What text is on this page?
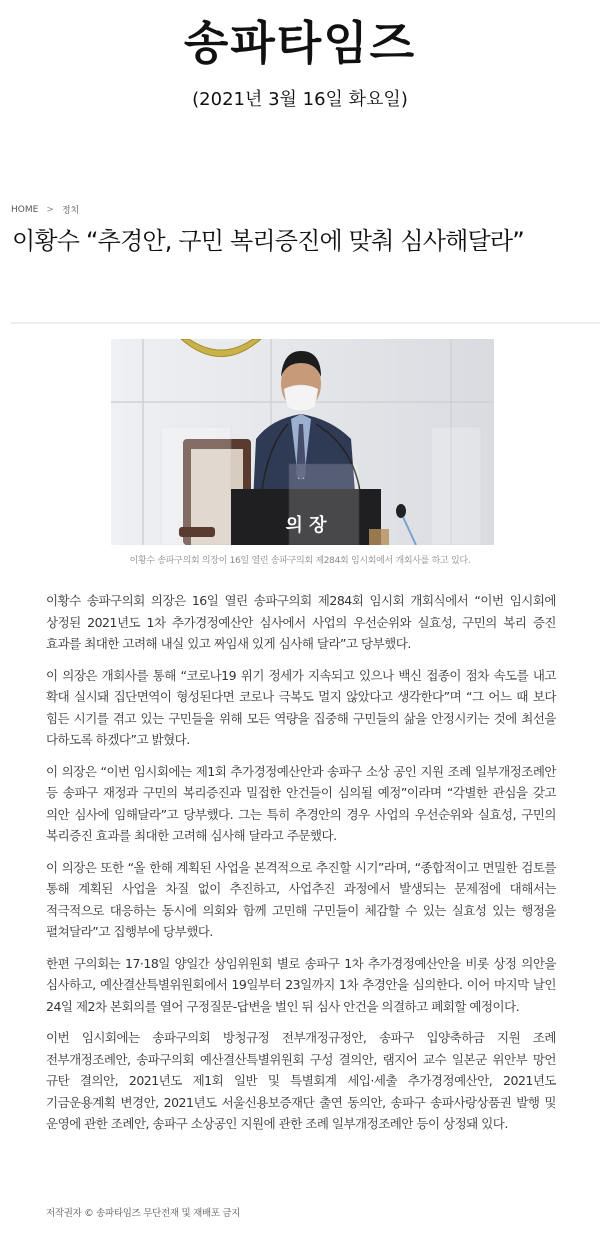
송파타임즈
(2021년 3월 16일 화요일)
HOME > 정치
이황수 “추경안, 구민 복리증진에 맞춰 심사해달라”
의 장
이황수 송파구의회 의장이 16일 열린 송파구의회 제284회 임시회에서 개회사를 하고 있다.

이황수 송파구의회 의장은 16일 열린 송파구의회 제284회 임시회 개회식에서 “이번 임시회에 상정된 2021년도 1차 추가경정예산안 심사에서 사업의 우선순위와 실효성, 구민의 복리 증진 효과를 최대한 고려해 내실 있고 짜임새 있게 심사해 달라”고 당부했다.

이 의장은 개회사를 통해 “코로나19 위기 정세가 지속되고 있으나 백신 접종이 점차 속도를 내고 확대 실시돼 집단면역이 형성된다면 코로나 극복도 멀지 않았다고 생각한다”며 “그 어느 때 보다 힘든 시기를 겪고 있는 구민들을 위해 모든 역량을 집중해 구민들의 삶을 안정시키는 것에 최선을 다하도록 하겠다”고 밝혔다.

이 의장은 “이번 임시회에는 제1회 추가경정예산안과 송파구 소상 공인 지원 조례 일부개정조례안 등 송파구 재정과 구민의 복리증진과 밀접한 안건들이 심의될 예정”이라며 “각별한 관심을 갖고 의안 심사에 임해달라”고 당부했다. 그는 특히 추경안의 경우 사업의 우선순위와 실효성, 구민의 복리증진 효과를 최대한 고려해 심사해 달라고 주문했다.

이 의장은 또한 “올 한해 계획된 사업을 본격적으로 추진할 시기”라며, “종합적이고 면밀한 검토를 통해 계획된 사업을 차질 없이 추진하고, 사업추진 과정에서 발생되는 문제점에 대해서는 적극적으로 대응하는 동시에 의회와 함께 고민해 구민들이 체감할 수 있는 실효성 있는 행정을 펼쳐달라”고 집행부에 당부했다.

한편 구의회는 17·18일 양일간 상임위원회 별로 송파구 1차 추가경정예산안을 비롯 상정 의안을 심사하고, 예산결산특별위원회에서 19일부터 23일까지 1차 추경안을 심의한다. 이어 마지막 날인 24일 제2차 본회의를 열어 구정질문-답변을 벌인 뒤 심사 안건을 의결하고 폐회할 예정이다.

이번 임시회에는 송파구의회 방청규정 전부개정규정안, 송파구 입양축하금 지원 조례 전부개정조례안, 송파구의회 예산결산특별위원회 구성 결의안, 램지어 교수 일본군 위안부 망언 규탄 결의안, 2021년도 제1회 일반 및 특별회계 세입·세출 추가경정예산안, 2021년도 기금운용계획 변경안, 2021년도 서울신용보증재단 출연 동의안, 송파구 송파사랑상품권 발행 및 운영에 관한 조례안, 송파구 소상공인 지원에 관한 조례 일부개정조례안 등이 상정돼 있다.

저작권자 © 송파타임즈 무단전재 및 재배포 금지
